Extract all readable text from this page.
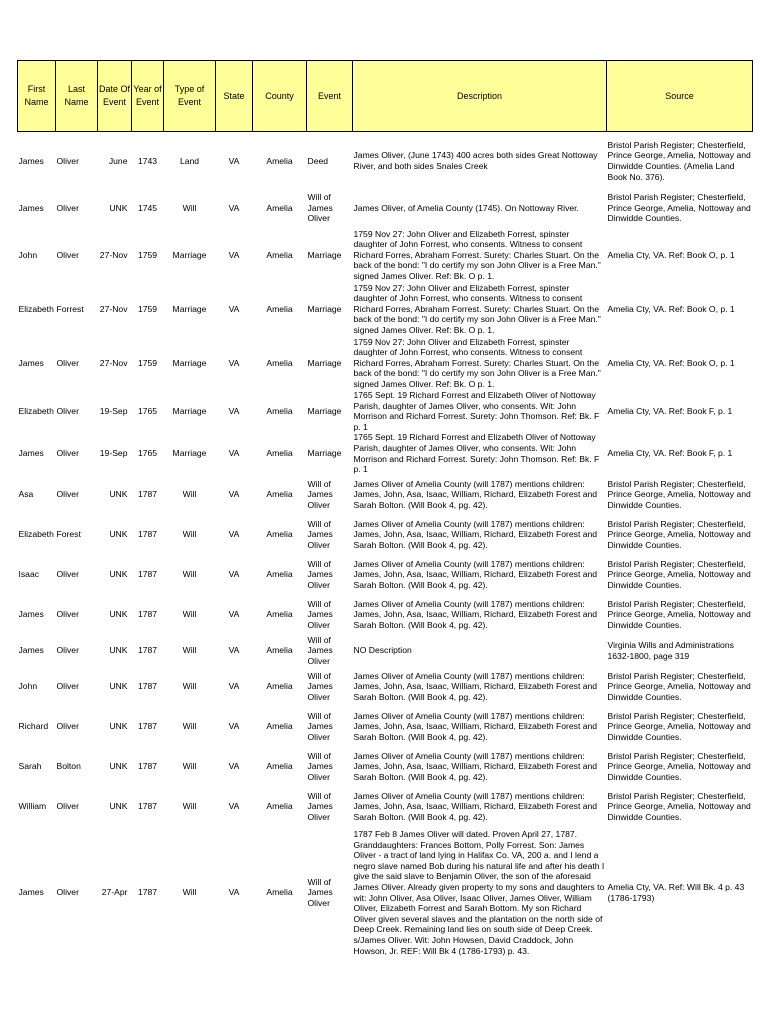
First Name	Last Name	Date Of Event	Year of Event	Type of Event	State	County	Event	Description	Source

James	Oliver	June	1743	Land	VA	Amelia	Deed	James Oliver, (June 1743) 400 acres both sides Great Nottoway River, and both sides Snales Creek	Bristol Parish Register; Chesterfield, Prince George, Amelia, Nottoway and Dinwidde Counties. (Amelia Land Book No. 376).
James	Oliver	UNK	1745	Will	VA	Amelia	Will of James Oliver	James Oliver, of Amelia County (1745). On Nottoway River.	Bristol Parish Register; Chesterfield, Prince George, Amelia, Nottoway and Dinwidde Counties.
John	Oliver	27-Nov	1759	Marriage	VA	Amelia	Marriage	1759 Nov 27: John Oliver and Elizabeth Forrest, spinster daughter of John Forrest, who consents. Witness to consent Richard Forres, Abraham Forrest. Surety: Charles Stuart. On the back of the bond: "I do certify my son John Oliver is a Free Man." signed James Oliver. Ref: Bk. O p. 1.	Amelia Cty, VA. Ref: Book O, p. 1
Elizabeth	Forrest	27-Nov	1759	Marriage	VA	Amelia	Marriage	1759 Nov 27: John Oliver and Elizabeth Forrest, spinster daughter of John Forrest, who consents. Witness to consent Richard Forres, Abraham Forrest. Surety: Charles Stuart. On the back of the bond: "I do certify my son John Oliver is a Free Man." signed James Oliver. Ref: Bk. O p. 1.	Amelia Cty, VA. Ref: Book O, p. 1
James	Oliver	27-Nov	1759	Marriage	VA	Amelia	Marriage	1759 Nov 27: John Oliver and Elizabeth Forrest, spinster daughter of John Forrest, who consents. Witness to consent Richard Forres, Abraham Forrest. Surety: Charles Stuart. On the back of the bond: "I do certify my son John Oliver is a Free Man." signed James Oliver. Ref: Bk. O p. 1.	Amelia Cty, VA. Ref: Book O, p. 1
Elizabeth	Oliver	19-Sep	1765	Marriage	VA	Amelia	Marriage	1765 Sept. 19 Richard Forrest and Elizabeth Oliver of Nottoway Parish, daughter of James Oliver, who consents. Wit: John Morrison and Richard Forrest. Surety: John Thomson. Ref: Bk. F p. 1	Amelia Cty, VA. Ref: Book F, p. 1
James	Oliver	19-Sep	1765	Marriage	VA	Amelia	Marriage	1765 Sept. 19 Richard Forrest and Elizabeth Oliver of Nottoway Parish, daughter of James Oliver, who consents. Wit: John Morrison and Richard Forrest. Surety: John Thomson. Ref: Bk. F p. 1	Amelia Cty, VA. Ref: Book F, p. 1
Asa	Oliver	UNK	1787	Will	VA	Amelia	Will of James Oliver	James Oliver of Amelia County (will 1787) mentions children: James, John, Asa, Isaac, William, Richard, Elizabeth Forest and Sarah Bolton. (Will Book 4, pg. 42).	Bristol Parish Register; Chesterfield, Prince George, Amelia, Nottoway and Dinwidde Counties.
Elizabeth	Forest	UNK	1787	Will	VA	Amelia	Will of James Oliver	James Oliver of Amelia County (will 1787) mentions children: James, John, Asa, Isaac, William, Richard, Elizabeth Forest and Sarah Bolton. (Will Book 4, pg. 42).	Bristol Parish Register; Chesterfield, Prince George, Amelia, Nottoway and Dinwidde Counties.
Isaac	Oliver	UNK	1787	Will	VA	Amelia	Will of James Oliver	James Oliver of Amelia County (will 1787) mentions children: James, John, Asa, Isaac, William, Richard, Elizabeth Forest and Sarah Bolton. (Will Book 4, pg. 42).	Bristol Parish Register; Chesterfield, Prince George, Amelia, Nottoway and Dinwidde Counties.
James	Oliver	UNK	1787	Will	VA	Amelia	Will of James Oliver	James Oliver of Amelia County (will 1787) mentions children: James, John, Asa, Isaac, William, Richard, Elizabeth Forest and Sarah Bolton. (Will Book 4, pg. 42).	Bristol Parish Register; Chesterfield, Prince George, Amelia, Nottoway and Dinwidde Counties.
James	Oliver	UNK	1787	Will	VA	Amelia	Will of James Oliver	NO Description	Virginia Wills and Administrations 1632-1800, page 319
John	Oliver	UNK	1787	Will	VA	Amelia	Will of James Oliver	James Oliver of Amelia County (will 1787) mentions children: James, John, Asa, Isaac, William, Richard, Elizabeth Forest and Sarah Bolton. (Will Book 4, pg. 42).	Bristol Parish Register; Chesterfield, Prince George, Amelia, Nottoway and Dinwidde Counties.
Richard	Oliver	UNK	1787	Will	VA	Amelia	Will of James Oliver	James Oliver of Amelia County (will 1787) mentions children: James, John, Asa, Isaac, William, Richard, Elizabeth Forest and Sarah Bolton. (Will Book 4, pg. 42).	Bristol Parish Register; Chesterfield, Prince George, Amelia, Nottoway and Dinwidde Counties.
Sarah	Bolton	UNK	1787	Will	VA	Amelia	Will of James Oliver	James Oliver of Amelia County (will 1787) mentions children: James, John, Asa, Isaac, William, Richard, Elizabeth Forest and Sarah Bolton. (Will Book 4, pg. 42).	Bristol Parish Register; Chesterfield, Prince George, Amelia, Nottoway and Dinwidde Counties.
William	Oliver	UNK	1787	Will	VA	Amelia	Will of James Oliver	James Oliver of Amelia County (will 1787) mentions children: James, John, Asa, Isaac, William, Richard, Elizabeth Forest and Sarah Bolton. (Will Book 4, pg. 42).	Bristol Parish Register; Chesterfield, Prince George, Amelia, Nottoway and Dinwidde Counties.
James	Oliver	27-Apr	1787	Will	VA	Amelia	Will of James Oliver	1787 Feb 8 James Oliver will dated. Proven April 27, 1787. Granddaughters: Frances Bottom, Polly Forrest. Son: James Oliver - a tract of land lying in Halifax Co. VA, 200 a. and I lend a negro slave named Bob during his natural life and after his death I give the said slave to Benjamin Oliver, the son of the aforesaid James Oliver. Already given property to my sons and daughters to wit: John Oliver, Asa Oliver, Isaac Oliver, James Oliver, William Oliver, Elizabeth Forrest and Sarah Bottom. My son Richard Oliver given several slaves and the plantation on the north side of Deep Creek. Remaining land lies on south side of Deep Creek. s/James Oliver. Wit: John Howsen, David Craddock, John Howson, Jr. REF: Will Bk 4 (1786-1793) p. 43.	Amelia Cty, VA. Ref: Will Bk. 4 p. 43 (1786-1793)
